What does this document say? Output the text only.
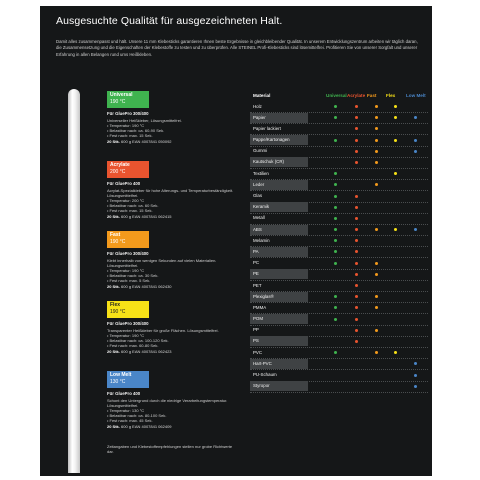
Ausgesuchte Qualität für ausgezeichneten Halt.
Damit alles zusammenpasst und hält. Unsere 11 mm Klebesticks garantieren Ihnen beste Ergebnisse in gleichbleibender Qualität. In unserem Entwicklungszentrum arbeiten wir täglich daran, die Zusammensetzung und die Eigenschaften der Klebestoffe zu testen und zu überprüfen. Alle STEINEL Profi-Klebesticks sind lösemittelfrei. Profitieren Sie von unserer Sorgfalt und unserer Erfahrung in allen Belangen rund ums Heißkleben.
Universal
190 °C
Für GluePro 300/400
Universeller Heißkleber, Lösungsmittelfrei.
• Temperatur: 190 °C
• Belastbar nach: ca. 60-90 Sek.
• Fest nach: max. 15 Sek.
20 Stk. 600 g EAN 4007841 050092
Acrylate
200 °C
Für GluePro 400
Acrylat-Spezialkleber für hohe Alterungs- und Temperaturbeständigkeit. Lösungsmittelfrei.
• Temperatur: 200 °C
• Belastbar nach: ca. 60 Sek.
• Fest nach: max. 15 Sek.
20 Stk. 600 g EAN 4007841 062415
Fast
190 °C
Für GluePro 300/400
Klebt innerhalb von wenigen Sekunden auf vielen Materialien. Lösungsmittelfrei.
• Temperatur: 190 °C
• Belastbar nach: ca. 30 Sek.
• Fest nach: max. 5 Sek.
20 Stk. 600 g EAN 4007841 062430
Flex
190 °C
Für GluePro 300/400
Transparenter Heißkleber für große Flächen. Lösungsmittelfrei.
• Temperatur: 190 °C
• Belastbar nach: ca. 100-120 Sek.
• Fest nach: max. 60-80 Sek.
20 Stk. 600 g EAN 4007841 062423
Low Melt
130 °C
Für GluePro 400
Schont den Untergrund durch die niedrige Verarbeitungstemperatur. Lösungsmittelfrei.
• Temperatur: 130 °C
• Belastbar nach: ca. 80-100 Sek.
• Fest nach: max. 45 Sek.
20 Stk. 600 g EAN 4007841 062409
Zeitangaben und Klebestoffempfehlungen stellen nur grobe Richtwerte dar.
Material	Universal Acrylate Fast Flex Low Melt
Holz
Papier
Papier lackiert
Pappe/Kartonagen
Gummi
Kautschuk (CR)
Textilien
Leder
Glas
Keramik
Metall
ABS
Melamin
PA
PC
PE
PET
Plexiglas®
PMMA
POM
PP
PS
PVC
Hart-PVC
PU-Schaum
Styropor
